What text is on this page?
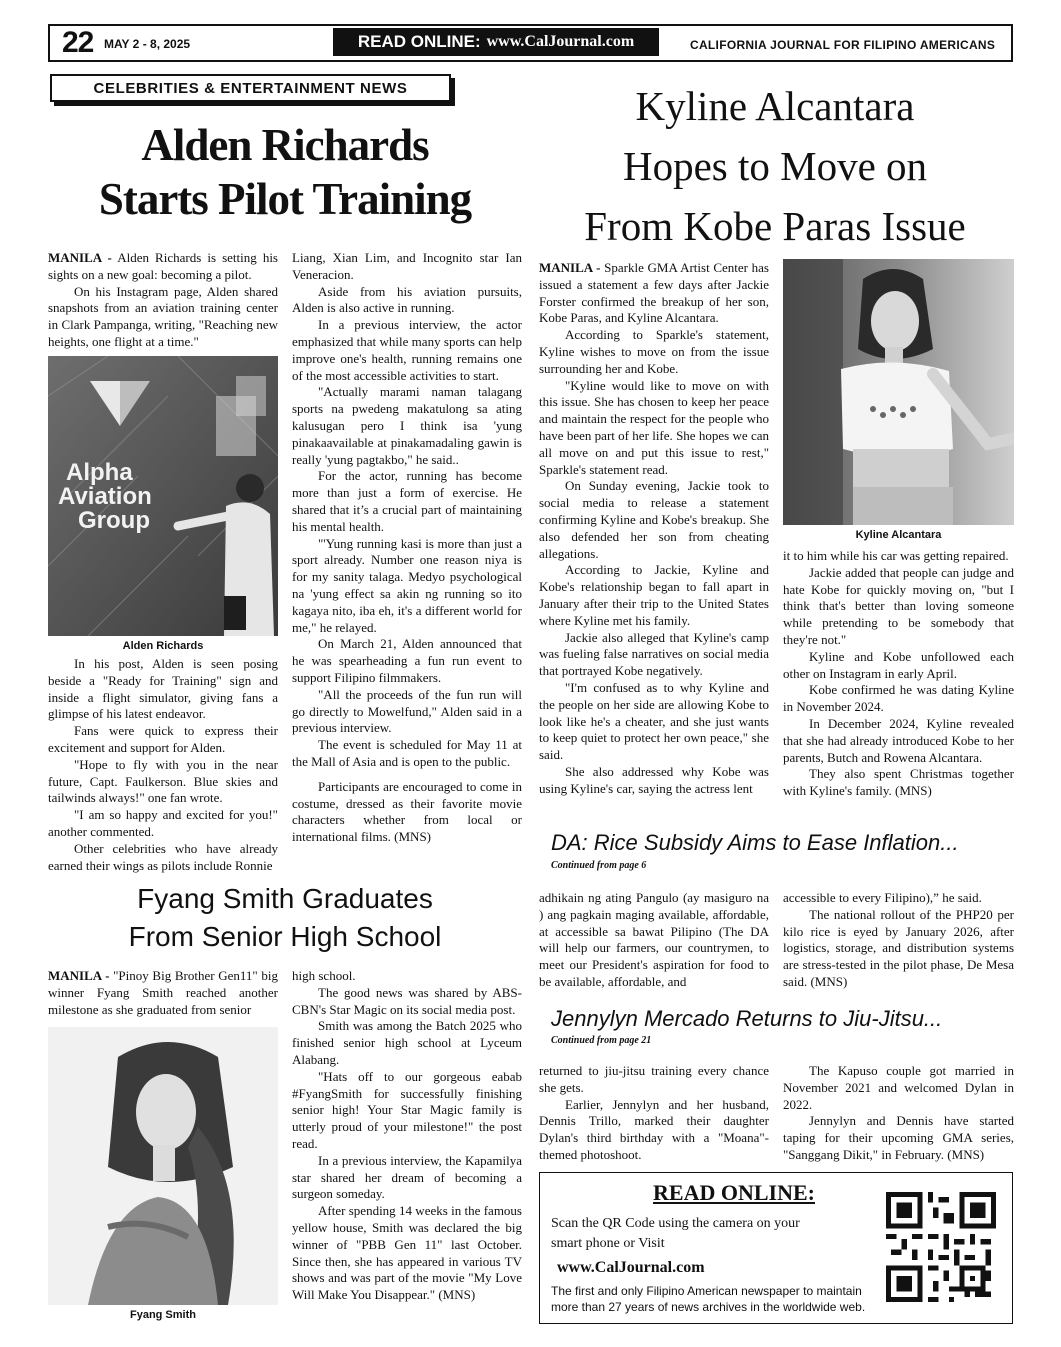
22 MAY 2 - 8, 2025	READ ONLINE: www.CalJournal.com	CALIFORNIA JOURNAL FOR FILIPINO AMERICANS
CELEBRITIES & ENTERTAINMENT NEWS
Alden Richards
Starts Pilot Training
Kyline Alcantara
Hopes to Move on
From Kobe Paras Issue

MANILA - Alden Richards is setting his sights on a new goal: becoming a pilot.

On his Instagram page, Alden shared snapshots from an aviation training center in Clark Pampanga, writing, "Reaching new heights, one flight at a time."

Alpha
Aviation
Group
Alden Richards

In his post, Alden is seen posing beside a "Ready for Training" sign and inside a flight simulator, giving fans a glimpse of his latest endeavor.

Fans were quick to express their excitement and support for Alden.

"Hope to fly with you in the near future, Capt. Faulkerson. Blue skies and tailwinds always!" one fan wrote.

"I am so happy and excited for you!" another commented.

Other celebrities who have already earned their wings as pilots include Ronnie

Liang, Xian Lim, and Incognito star Ian Veneracion.

Aside from his aviation pursuits, Alden is also active in running.

In a previous interview, the actor emphasized that while many sports can help improve one's health, running remains one of the most accessible activities to start.

"Actually marami naman talagang sports na pwedeng makatulong sa ating kalusugan pero I think isa 'yung pinakaavailable at pinakamadaling gawin is really 'yung pagtakbo," he said..

For the actor, running has become more than just a form of exercise. He shared that it’s a crucial part of maintaining his mental health.

"'Yung running kasi is more than just a sport already. Number one reason niya is for my sanity talaga. Medyo psychological na 'yung effect sa akin ng running so ito kagaya nito, iba eh, it's a different world for me," he relayed.

On March 21, Alden announced that he was spearheading a fun run event to support Filipino filmmakers.

"All the proceeds of the fun run will go directly to Mowelfund," Alden said in a previous interview.

The event is scheduled for May 11 at the Mall of Asia and is open to the public.

Participants are encouraged to come in costume, dressed as their favorite movie characters whether from local or international films. (MNS)

MANILA - Sparkle GMA Artist Center has issued a statement a few days after Jackie Forster confirmed the breakup of her son, Kobe Paras, and Kyline Alcantara.

According to Sparkle's statement, Kyline wishes to move on from the issue surrounding her and Kobe.

"Kyline would like to move on with this issue. She has chosen to keep her peace and maintain the respect for the people who have been part of her life. She hopes we can all move on and put this issue to rest," Sparkle's statement read.

On Sunday evening, Jackie took to social media to release a statement confirming Kyline and Kobe's breakup. She also defended her son from cheating allegations.

According to Jackie, Kyline and Kobe's relationship began to fall apart in January after their trip to the United States where Kyline met his family.

Jackie also alleged that Kyline's camp was fueling false narratives on social media that portrayed Kobe negatively.

"I'm confused as to why Kyline and the people on her side are allowing Kobe to look like he's a cheater, and she just wants to keep quiet to protect her own peace," she said.

She also addressed why Kobe was using Kyline's car, saying the actress lent

Kyline Alcantara

it to him while his car was getting repaired.

Jackie added that people can judge and hate Kobe for quickly moving on, "but I think that's better than loving someone while pretending to be somebody that they're not."

Kyline and Kobe unfollowed each other on Instagram in early April.

Kobe confirmed he was dating Kyline in November 2024.

In December 2024, Kyline revealed that she had already introduced Kobe to her parents, Butch and Rowena Alcantara.

They also spent Christmas together with Kyline's family. (MNS)

DA: Rice Subsidy Aims to Ease Inflation...
Continued from page 6

adhikain ng ating Pangulo (ay masiguro na ) ang pagkain maging available, affordable, at accessible sa bawat Pilipino (The DA will help our farmers, our countrymen, to meet our President's aspiration for food to be available, affordable, and

accessible to every Filipino),” he said.

The national rollout of the PHP20 per kilo rice is eyed by January 2026, after logistics, storage, and distribution systems are stress-tested in the pilot phase, De Mesa said. (MNS)

Jennylyn Mercado Returns to Jiu-Jitsu...
Continued from page 21

returned to jiu-jitsu training every chance she gets.

Earlier, Jennylyn and her husband, Dennis Trillo, marked their daughter Dylan's third birthday with a "Moana"-themed photoshoot.

The Kapuso couple got married in November 2021 and welcomed Dylan in 2022.

Jennylyn and Dennis have started taping for their upcoming GMA series, "Sanggang Dikit," in February. (MNS)

Fyang Smith Graduates
From Senior High School

MANILA - "Pinoy Big Brother Gen11" big winner Fyang Smith reached another milestone as she graduated from senior

Fyang Smith

high school.

The good news was shared by ABS-CBN's Star Magic on its social media post.

Smith was among the Batch 2025 who finished senior high school at Lyceum Alabang.

"Hats off to our gorgeous eabab #FyangSmith for successfully finishing senior high! Your Star Magic family is utterly proud of your milestone!" the post read.

In a previous interview, the Kapamilya star shared her dream of becoming a surgeon someday.

After spending 14 weeks in the famous yellow house, Smith was declared the big winner of "PBB Gen 11" last October. Since then, she has appeared in various TV shows and was part of the movie "My Love Will Make You Disappear." (MNS)

READ ONLINE:
Scan the QR Code using the camera on your smart phone or Visit
www.CalJournal.com
The first and only Filipino American newspaper to maintain more than 27 years of news archives in the worldwide web.
